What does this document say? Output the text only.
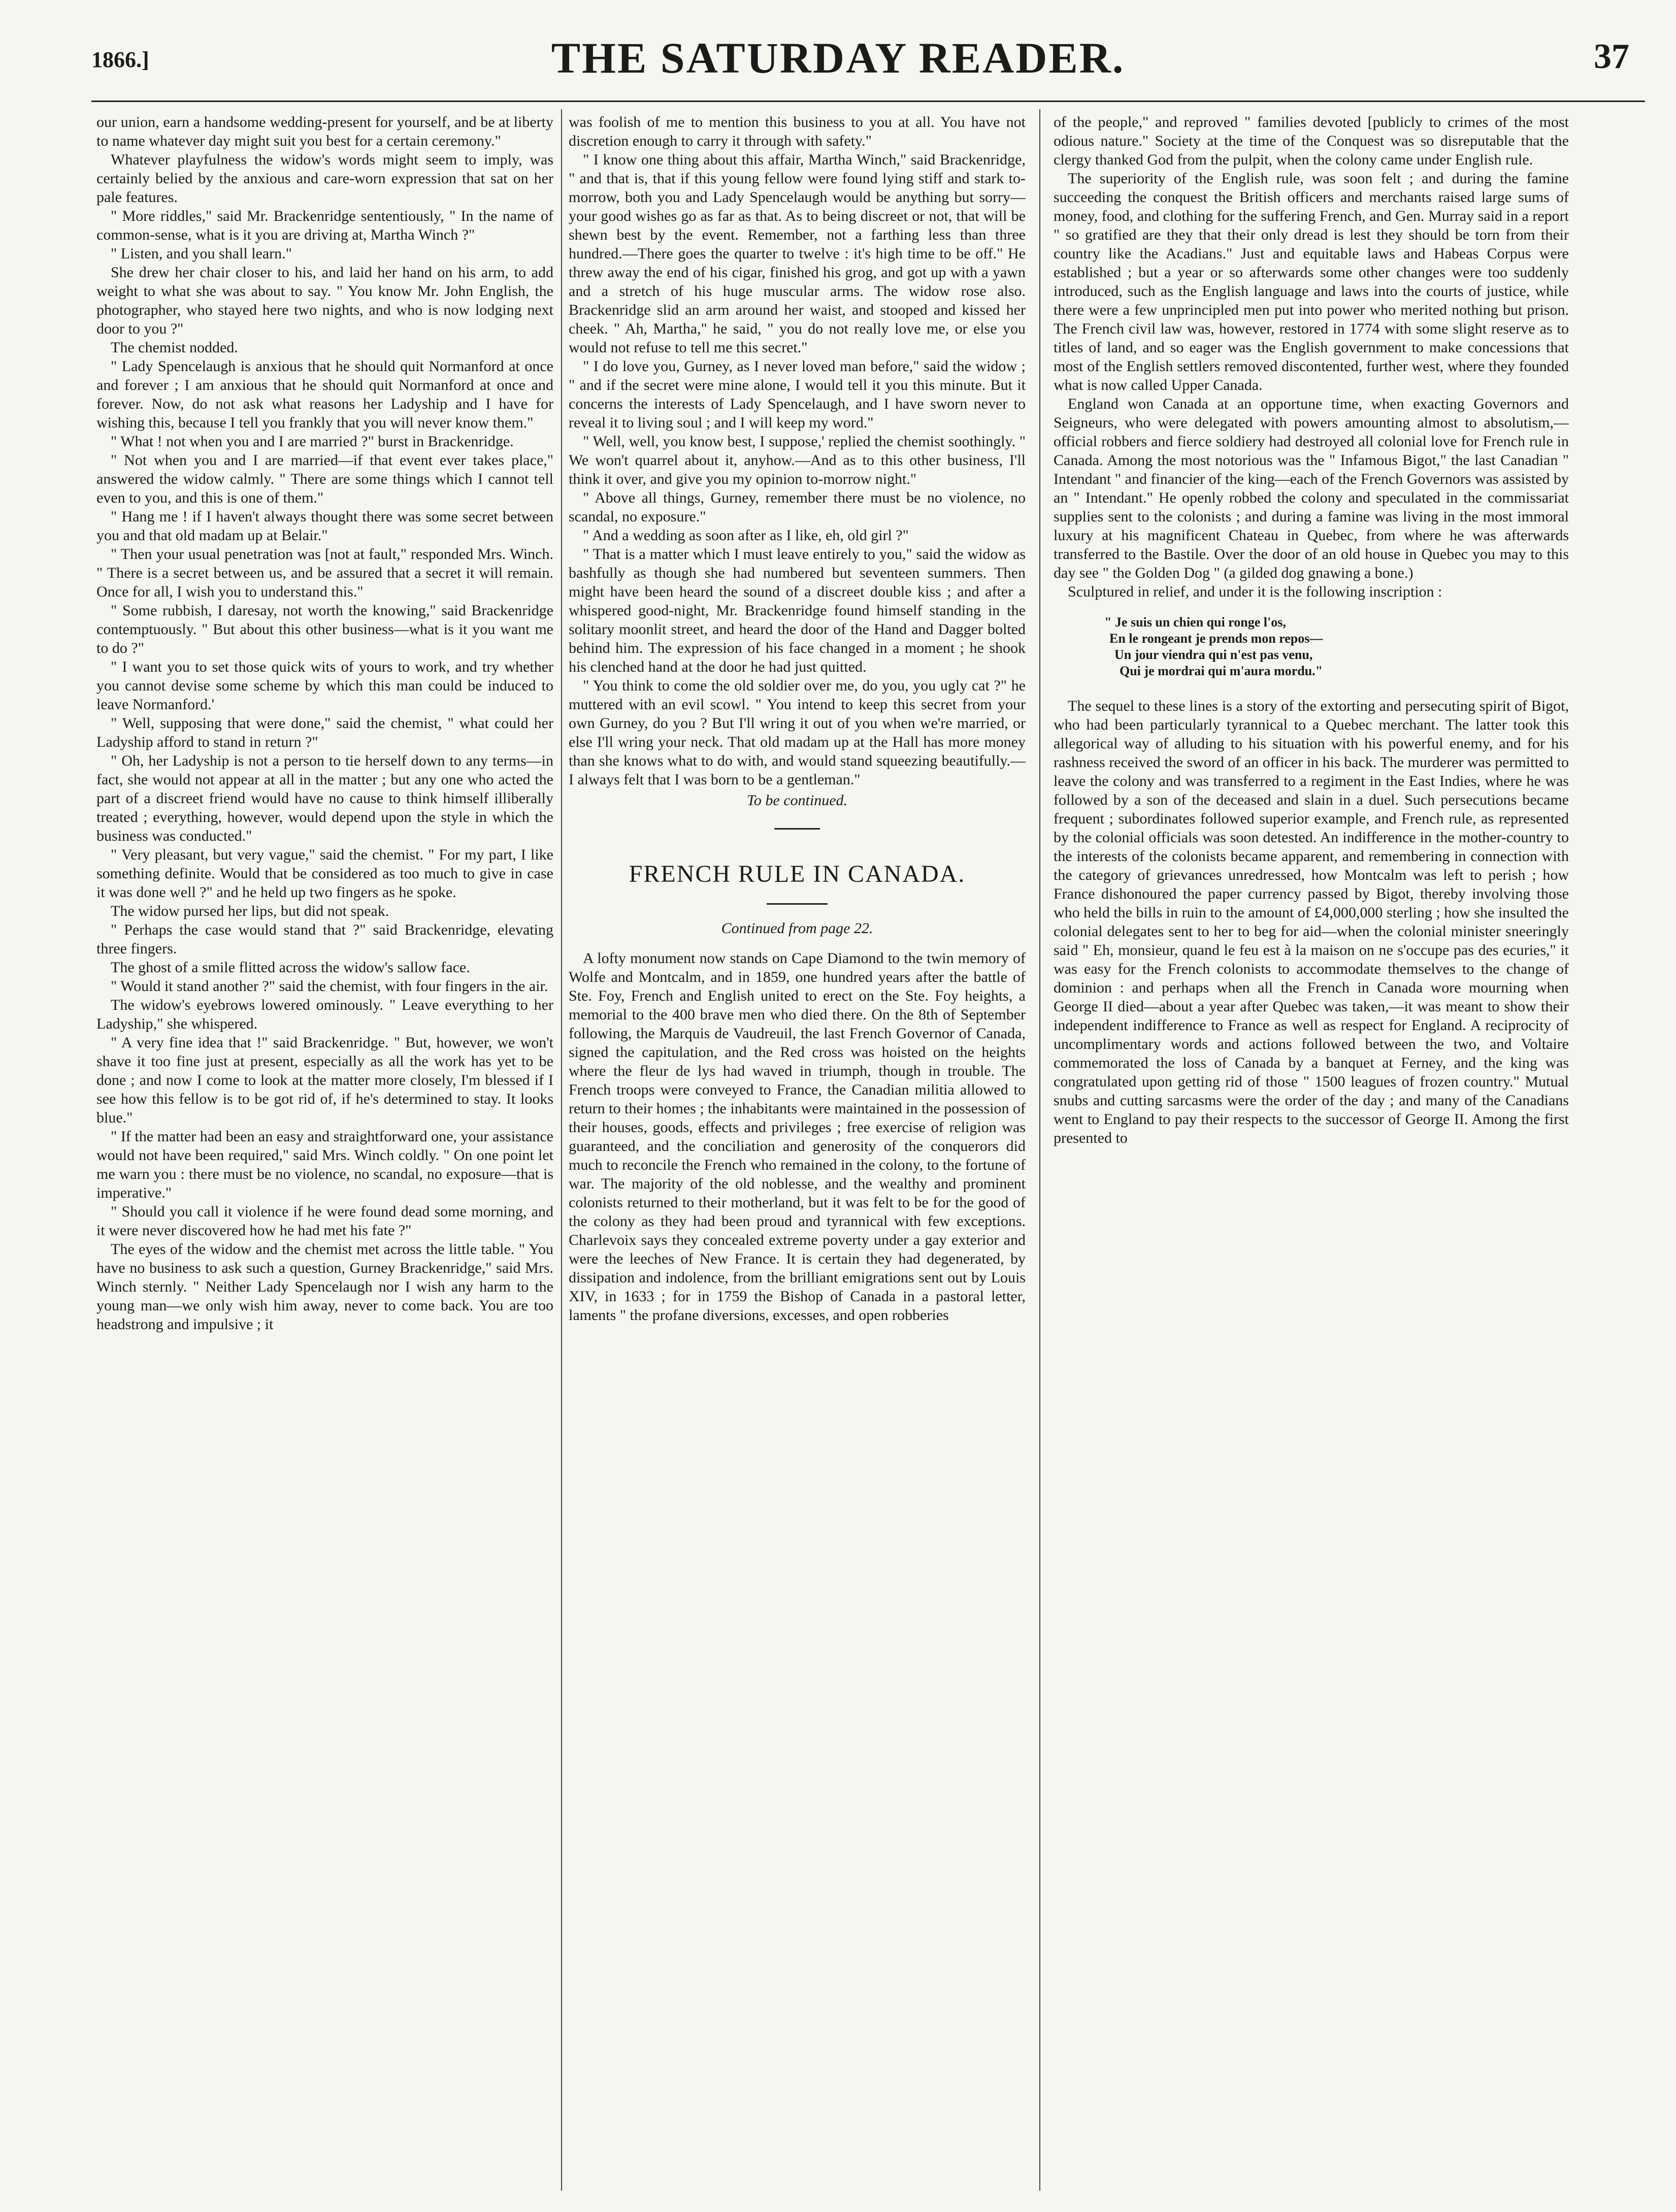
1866.]	THE SATURDAY READER.	37

our union, earn a handsome wedding-present for yourself, and be at liberty to name whatever day might suit you best for a certain ceremony."

Whatever playfulness the widow's words might seem to imply, was certainly belied by the anxious and care-worn expression that sat on her pale features.

" More riddles," said Mr. Brackenridge sententiously, " In the name of common-sense, what is it you are driving at, Martha Winch ?"

" Listen, and you shall learn."

She drew her chair closer to his, and laid her hand on his arm, to add weight to what she was about to say. " You know Mr. John English, the photographer, who stayed here two nights, and who is now lodging next door to you ?"

The chemist nodded.

" Lady Spencelaugh is anxious that he should quit Normanford at once and forever ; I am anxious that he should quit Normanford at once and forever. Now, do not ask what reasons her Ladyship and I have for wishing this, because I tell you frankly that you will never know them."

" What ! not when you and I are married ?" burst in Brackenridge.

" Not when you and I are married—if that event ever takes place," answered the widow calmly. " There are some things which I cannot tell even to you, and this is one of them."

" Hang me ! if I haven't always thought there was some secret between you and that old madam up at Belair."

" Then your usual penetration was [not at fault," responded Mrs. Winch. " There is a secret between us, and be assured that a secret it will remain. Once for all, I wish you to understand this."

" Some rubbish, I daresay, not worth the knowing," said Brackenridge contemptuously. " But about this other business—what is it you want me to do ?"

" I want you to set those quick wits of yours to work, and try whether you cannot devise some scheme by which this man could be induced to leave Normanford.'

" Well, supposing that were done," said the chemist, " what could her Ladyship afford to stand in return ?"

" Oh, her Ladyship is not a person to tie herself down to any terms—in fact, she would not appear at all in the matter ; but any one who acted the part of a discreet friend would have no cause to think himself illiberally treated ; everything, however, would depend upon the style in which the business was conducted."

" Very pleasant, but very vague," said the chemist. " For my part, I like something definite. Would that be considered as too much to give in case it was done well ?" and he held up two fingers as he spoke.

The widow pursed her lips, but did not speak.

" Perhaps the case would stand that ?" said Brackenridge, elevating three fingers.

The ghost of a smile flitted across the widow's sallow face.

" Would it stand another ?" said the chemist, with four fingers in the air.

The widow's eyebrows lowered ominously. " Leave everything to her Ladyship," she whispered.

" A very fine idea that !" said Brackenridge. " But, however, we won't shave it too fine just at present, especially as all the work has yet to be done ; and now I come to look at the matter more closely, I'm blessed if I see how this fellow is to be got rid of, if he's determined to stay. It looks blue."

" If the matter had been an easy and straightforward one, your assistance would not have been required," said Mrs. Winch coldly. " On one point let me warn you : there must be no violence, no scandal, no exposure—that is imperative."

" Should you call it violence if he were found dead some morning, and it were never discovered how he had met his fate ?"

The eyes of the widow and the chemist met across the little table. " You have no business to ask such a question, Gurney Brackenridge," said Mrs. Winch sternly. " Neither Lady Spencelaugh nor I wish any harm to the young man—we only wish him away, never to come back. You are too headstrong and impulsive ; it

was foolish of me to mention this business to you at all. You have not discretion enough to carry it through with safety."

" I know one thing about this affair, Martha Winch," said Brackenridge, " and that is, that if this young fellow were found lying stiff and stark to-morrow, both you and Lady Spencelaugh would be anything but sorry—your good wishes go as far as that. As to being discreet or not, that will be shewn best by the event. Remember, not a farthing less than three hundred.—There goes the quarter to twelve : it's high time to be off." He threw away the end of his cigar, finished his grog, and got up with a yawn and a stretch of his huge muscular arms. The widow rose also. Brackenridge slid an arm around her waist, and stooped and kissed her cheek. " Ah, Martha," he said, " you do not really love me, or else you would not refuse to tell me this secret."

" I do love you, Gurney, as I never loved man before," said the widow ; " and if the secret were mine alone, I would tell it you this minute. But it concerns the interests of Lady Spencelaugh, and I have sworn never to reveal it to living soul ; and I will keep my word."

" Well, well, you know best, I suppose,' replied the chemist soothingly. " We won't quarrel about it, anyhow.—And as to this other business, I'll think it over, and give you my opinion to-morrow night."

" Above all things, Gurney, remember there must be no violence, no scandal, no exposure."

" And a wedding as soon after as I like, eh, old girl ?"

" That is a matter which I must leave entirely to you," said the widow as bashfully as though she had numbered but seventeen summers. Then might have been heard the sound of a discreet double kiss ; and after a whispered good-night, Mr. Brackenridge found himself standing in the solitary moonlit street, and heard the door of the Hand and Dagger bolted behind him. The expression of his face changed in a moment ; he shook his clenched hand at the door he had just quitted.

" You think to come the old soldier over me, do you, you ugly cat ?" he muttered with an evil scowl. " You intend to keep this secret from your own Gurney, do you ? But I'll wring it out of you when we're married, or else I'll wring your neck. That old madam up at the Hall has more money than she knows what to do with, and would stand squeezing beautifully.—I always felt that I was born to be a gentleman."

To be continued.

FRENCH RULE IN CANADA.

Continued from page 22.

A lofty monument now stands on Cape Diamond to the twin memory of Wolfe and Montcalm, and in 1859, one hundred years after the battle of Ste. Foy, French and English united to erect on the Ste. Foy heights, a memorial to the 400 brave men who died there. On the 8th of September following, the Marquis de Vaudreuil, the last French Governor of Canada, signed the capitulation, and the Red cross was hoisted on the heights where the fleur de lys had waved in triumph, though in trouble. The French troops were conveyed to France, the Canadian militia allowed to return to their homes ; the inhabitants were maintained in the possession of their houses, goods, effects and privileges ; free exercise of religion was guaranteed, and the conciliation and generosity of the conquerors did much to reconcile the French who remained in the colony, to the fortune of war. The majority of the old noblesse, and the wealthy and prominent colonists returned to their motherland, but it was felt to be for the good of the colony as they had been proud and tyrannical with few exceptions. Charlevoix says they concealed extreme poverty under a gay exterior and were the leeches of New France. It is certain they had degenerated, by dissipation and indolence, from the brilliant emigrations sent out by Louis XIV, in 1633 ; for in 1759 the Bishop of Canada in a pastoral letter, laments " the profane diversions, excesses, and open robberies

of the people," and reproved " families devoted [publicly to crimes of the most odious nature." Society at the time of the Conquest was so disreputable that the clergy thanked God from the pulpit, when the colony came under English rule.

The superiority of the English rule, was soon felt ; and during the famine succeeding the conquest the British officers and merchants raised large sums of money, food, and clothing for the suffering French, and Gen. Murray said in a report " so gratified are they that their only dread is lest they should be torn from their country like the Acadians." Just and equitable laws and Habeas Corpus were established ; but a year or so afterwards some other changes were too suddenly introduced, such as the English language and laws into the courts of justice, while there were a few unprincipled men put into power who merited nothing but prison. The French civil law was, however, restored in 1774 with some slight reserve as to titles of land, and so eager was the English government to make concessions that most of the English settlers removed discontented, further west, where they founded what is now called Upper Canada.

England won Canada at an opportune time, when exacting Governors and Seigneurs, who were delegated with powers amounting almost to absolutism,—official robbers and fierce soldiery had destroyed all colonial love for French rule in Canada. Among the most notorious was the " Infamous Bigot," the last Canadian " Intendant " and financier of the king—each of the French Governors was assisted by an " Intendant." He openly robbed the colony and speculated in the commissariat supplies sent to the colonists ; and during a famine was living in the most immoral luxury at his magnificent Chateau in Quebec, from where he was afterwards transferred to the Bastile. Over the door of an old house in Quebec you may to this day see " the Golden Dog " (a gilded dog gnawing a bone.)

Sculptured in relief, and under it is the following inscription :

" Je suis un chien qui ronge l'os,
En le rongeant je prends mon repos—
Un jour viendra qui n'est pas venu,
Qui je mordrai qui m'aura mordu."

The sequel to these lines is a story of the extorting and persecuting spirit of Bigot, who had been particularly tyrannical to a Quebec merchant. The latter took this allegorical way of alluding to his situation with his powerful enemy, and for his rashness received the sword of an officer in his back. The murderer was permitted to leave the colony and was transferred to a regiment in the East Indies, where he was followed by a son of the deceased and slain in a duel. Such persecutions became frequent ; subordinates followed superior example, and French rule, as represented by the colonial officials was soon detested. An indifference in the mother-country to the interests of the colonists became apparent, and remembering in connection with the category of grievances unredressed, how Montcalm was left to perish ; how France dishonoured the paper currency passed by Bigot, thereby involving those who held the bills in ruin to the amount of £4,000,000 sterling ; how she insulted the colonial delegates sent to her to beg for aid—when the colonial minister sneeringly said " Eh, monsieur, quand le feu est à la maison on ne s'occupe pas des ecuries," it was easy for the French colonists to accommodate themselves to the change of dominion : and perhaps when all the French in Canada wore mourning when George II died—about a year after Quebec was taken,—it was meant to show their independent indifference to France as well as respect for England. A reciprocity of uncomplimentary words and actions followed between the two, and Voltaire commemorated the loss of Canada by a banquet at Ferney, and the king was congratulated upon getting rid of those " 1500 leagues of frozen country." Mutual snubs and cutting sarcasms were the order of the day ; and many of the Canadians went to England to pay their respects to the successor of George II. Among the first presented to
